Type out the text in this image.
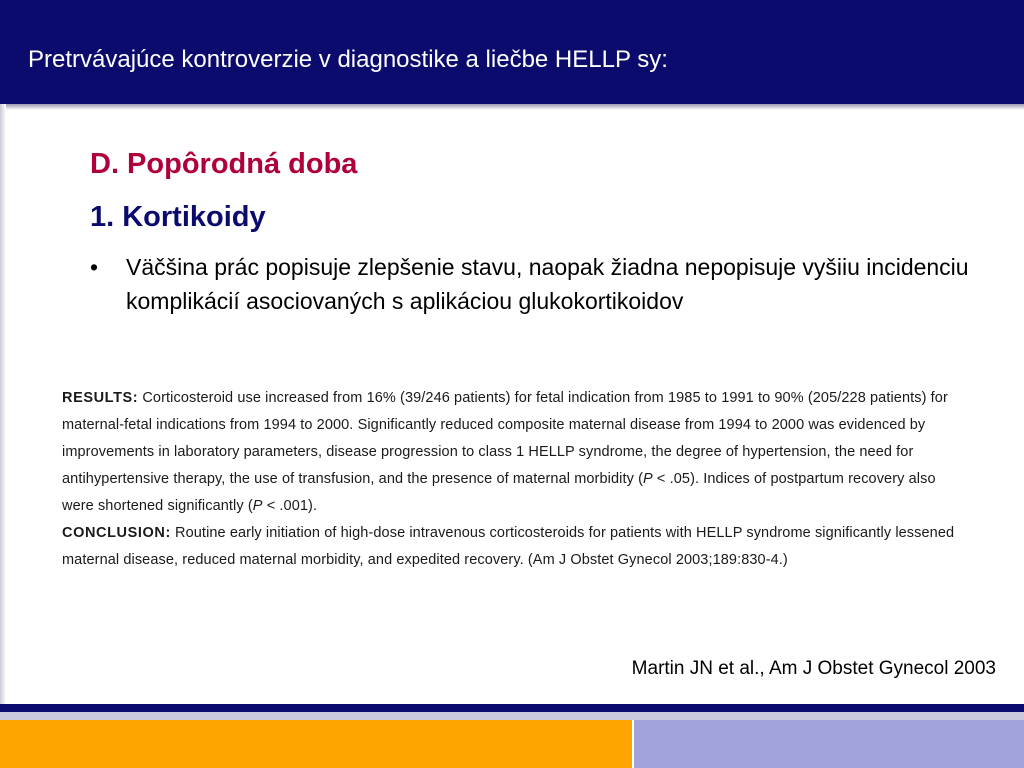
Pretrvávajúce kontroverzie v diagnostike a liečbe HELLP sy:
D. Popôrodná doba
1. Kortikoidy
• Väčšina prác popisuje zlepšenie stavu, naopak žiadna nepopisuje vyšiiu incidenciu komplikácií asociovaných s aplikáciou glukokortikoidov

RESULTS: Corticosteroid use increased from 16% (39/246 patients) for fetal indication from 1985 to 1991 to 90% (205/228 patients) for maternal-fetal indications from 1994 to 2000. Significantly reduced composite maternal disease from 1994 to 2000 was evidenced by improvements in laboratory parameters, disease progression to class 1 HELLP syndrome, the degree of hypertension, the need for antihypertensive therapy, the use of transfusion, and the presence of maternal morbidity (P < .05). Indices of postpartum recovery also were shortened significantly (P < .001).

CONCLUSION: Routine early initiation of high-dose intravenous corticosteroids for patients with HELLP syndrome significantly lessened maternal disease, reduced maternal morbidity, and expedited recovery. (Am J Obstet Gynecol 2003;189:830-4.)

Martin JN et al., Am J Obstet Gynecol 2003
